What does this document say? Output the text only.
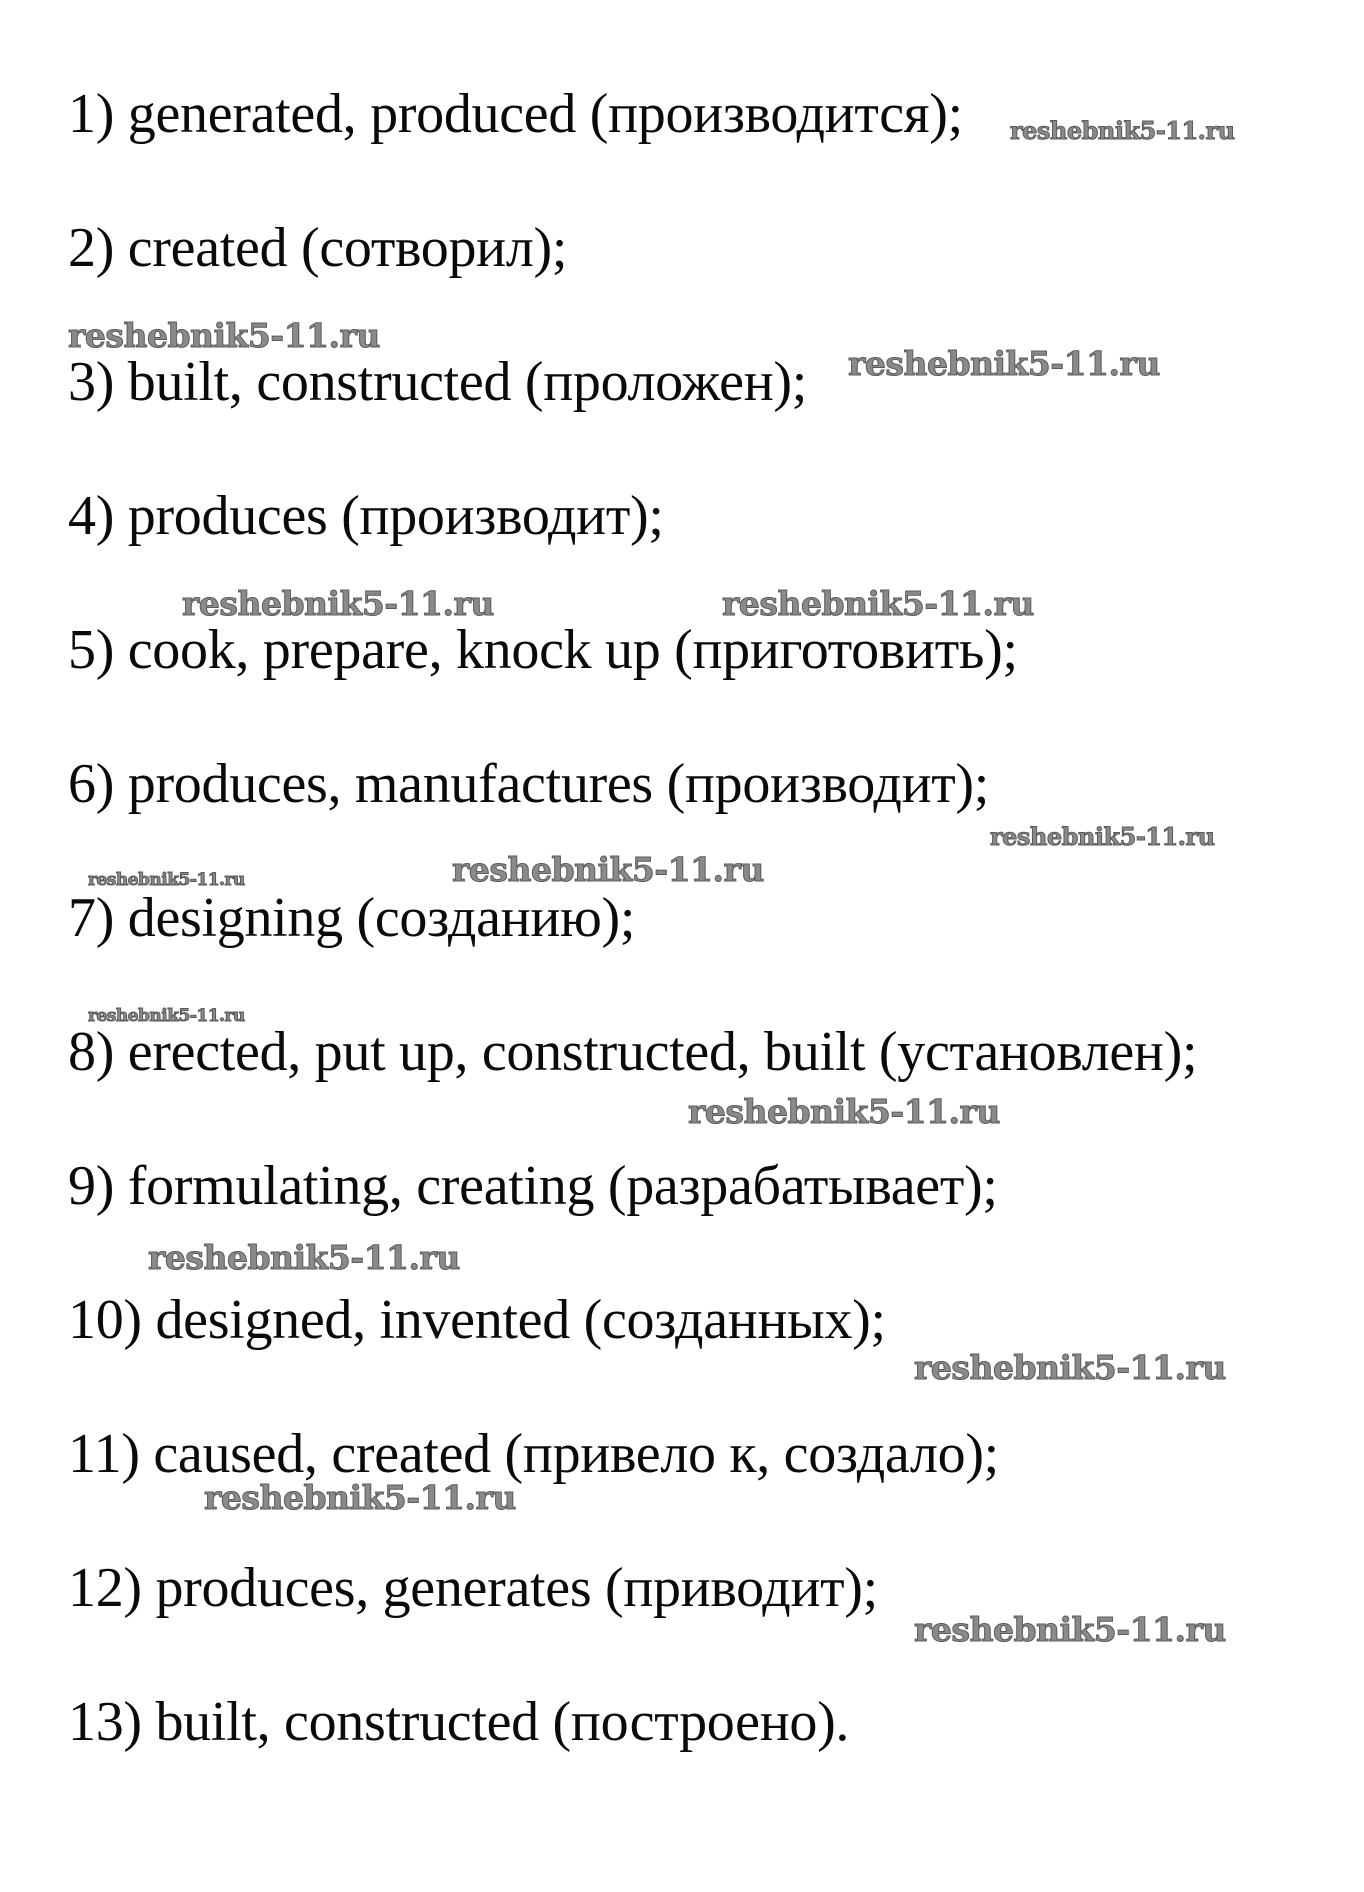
1) generated, produced (производится);
2) created (сотворил);
3) built, constructed (проложен);
4) produces (производит);
5) cook, prepare, knock up (приготовить);
6) produces, manufactures (производит);
7) designing (созданию);
8) erected, put up, constructed, built (установлен);
9) formulating, creating (разрабатывает);
10) designed, invented (созданных);
11) caused, created (привело к, создало);
12) produces, generates (приводит);
13) built, constructed (построено).
reshebnik5-11.ru
reshebnik5-11.ru
reshebnik5-11.ru
reshebnik5-11.ru	reshebnik5-11.ru
reshebnik5-11.ru
reshebnik5-11.ru	reshebnik5-11.ru
reshebnik5-11.ru
reshebnik5-11.ru
reshebnik5-11.ru
reshebnik5-11.ru
reshebnik5-11.ru
reshebnik5-11.ru
